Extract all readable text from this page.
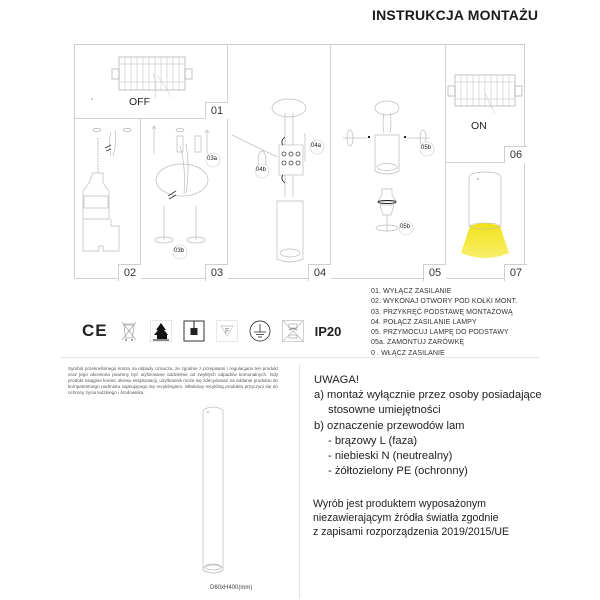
INSTRUKCJA MONTAŻU
OFF
01
02
03a
03b
03
04a
04b
04
05b
05b
05
ON
06
07
01. WYŁĄCZ ZASILANIE
02. WYKONAJ OTWORY POD KOŁKI MONT.
03. PRZYKRĘĆ PODSTAWĘ MONTAŻOWĄ
04. POŁĄCZ ZASILANIE LAMPY
05. PRZYMOCUJ LAMPĘ DO PODSTAWY
05a. ZAMONTUJ ŻARÓWKĘ
0 . WŁĄCZ ZASILANIE
CE	F	IP20
Symbol przekreślonego kosza na odpady oznacza, że zgodnie z przepisami i regulacjami ten produkt oraz jego akcesoria powinny być utylizowane oddzielnie od zwykłych odpadów komunalnych. Gdy produkt osiągnie koniec okresu eksploatacji, użytkownik może się zdecydować na oddanie produktu do kompetentnego podmiotu zajmującego się recyklingiem. Właściwy recykling produktu przyczyni się do ochrony życia ludzkiego i środowiska.
D60xH400(mm)
UWAGA!
a) montaż wyłącznie przez osoby posiadające
stosowne umiejętności
b) oznaczenie przewodów lam
- brązowy L (faza)
- niebieski N (neutrealny)
- żółtozielony PE (ochronny)
Wyrób jest produktem wyposażonym
niezawierającym źródła światła zgodnie
z zapisami rozporządzenia 2019/2015/UE
